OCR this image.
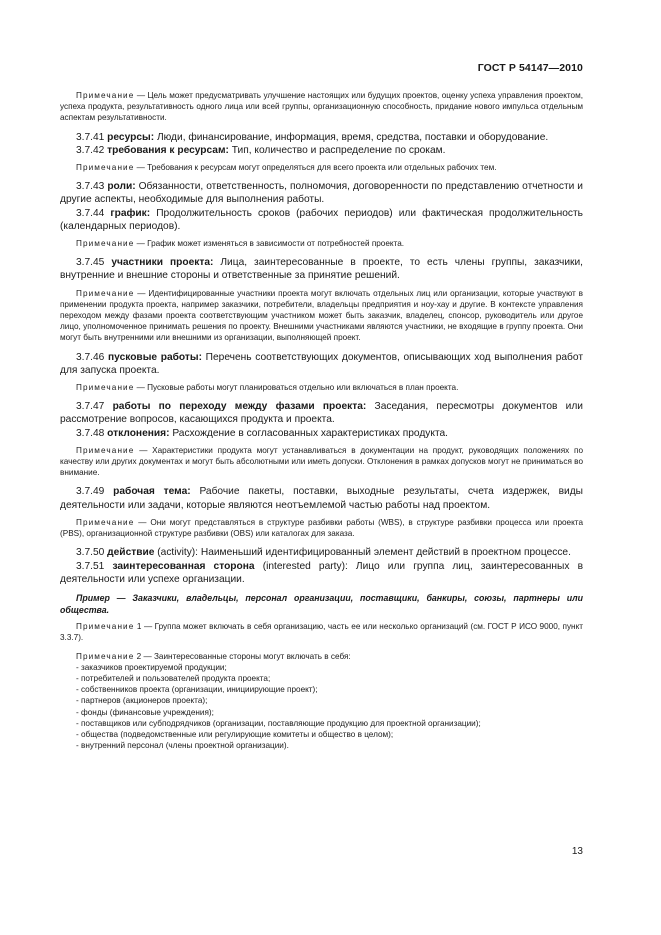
ГОСТ Р 54147—2010

Примечание — Цель может предусматривать улучшение настоящих или будущих проектов, оценку успеха управления проектом, успеха продукта, результативность одного лица или всей группы, организационную способность, придание нового импульса отдельным аспектам результативности.

3.7.41 ресурсы: Люди, финансирование, информация, время, средства, поставки и оборудование.

3.7.42 требования к ресурсам: Тип, количество и распределение по срокам.

Примечание — Требования к ресурсам могут определяться для всего проекта или отдельных рабочих тем.

3.7.43 роли: Обязанности, ответственность, полномочия, договоренности по представлению отчетности и другие аспекты, необходимые для выполнения работы.

3.7.44 график: Продолжительность сроков (рабочих периодов) или фактическая продолжительность (календарных периодов).

Примечание — График может изменяться в зависимости от потребностей проекта.

3.7.45 участники проекта: Лица, заинтересованные в проекте, то есть члены группы, заказчики, внутренние и внешние стороны и ответственные за принятие решений.

Примечание — Идентифицированные участники проекта могут включать отдельных лиц или организации, которые участвуют в применении продукта проекта, например заказчики, потребители, владельцы предприятия и ноу-хау и другие. В контексте управления переходом между фазами проекта соответствующим участником может быть заказчик, владелец, спонсор, руководитель или другое лицо, уполномоченное принимать решения по проекту. Внешними участниками являются участники, не входящие в группу проекта. Они могут быть внутренними или внешними из организации, выполняющей проект.

3.7.46 пусковые работы: Перечень соответствующих документов, описывающих ход выполнения работ для запуска проекта.

Примечание — Пусковые работы могут планироваться отдельно или включаться в план проекта.

3.7.47 работы по переходу между фазами проекта: Заседания, пересмотры документов или рассмотрение вопросов, касающихся продукта и проекта.

3.7.48 отклонения: Расхождение в согласованных характеристиках продукта.

Примечание — Характеристики продукта могут устанавливаться в документации на продукт, руководящих положениях по качеству или других документах и могут быть абсолютными или иметь допуски. Отклонения в рамках допусков могут не приниматься во внимание.

3.7.49 рабочая тема: Рабочие пакеты, поставки, выходные результаты, счета издержек, виды деятельности или задачи, которые являются неотъемлемой частью работы над проектом.

Примечание — Они могут представляться в структуре разбивки работы (WBS), в структуре разбивки процесса или проекта (PBS), организационной структуре разбивки (OBS) или каталогах для заказа.

3.7.50 действие (activity): Наименьший идентифицированный элемент действий в проектном процессе.

3.7.51 заинтересованная сторона (interested party): Лицо или группа лиц, заинтересованных в деятельности или успехе организации.

Пример — Заказчики, владельцы, персонал организации, поставщики, банкиры, союзы, партнеры или общества.

Примечание 1 — Группа может включать в себя организацию, часть ее или несколько организаций (см. ГОСТ Р ИСО 9000, пункт 3.3.7).

Примечание 2 — Заинтересованные стороны могут включать в себя:

- заказчиков проектируемой продукции;

- потребителей и пользователей продукта проекта;

- собственников проекта (организации, инициирующие проект);

- партнеров (акционеров проекта);

- фонды (финансовые учреждения);

- поставщиков или субподрядчиков (организации, поставляющие продукцию для проектной организации);

- общества (подведомственные или регулирующие комитеты и общество в целом);

- внутренний персонал (члены проектной организации).

13
